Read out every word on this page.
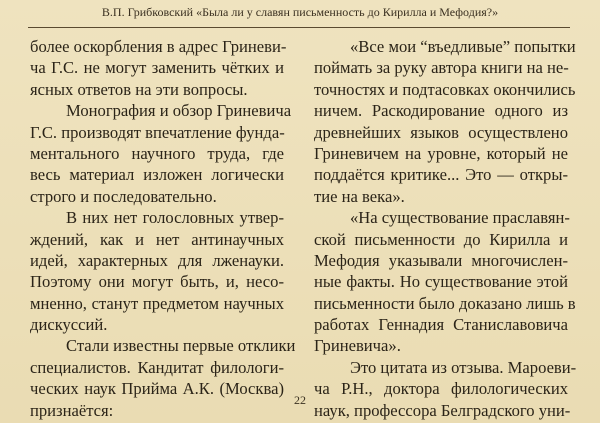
В.П. Грибковский «Была ли у славян письменность до Кирилла и Мефодия?»
более оскорбления в адрес Гриневи-
ча Г.С. не могут заменить чётких и
ясных ответов на эти вопросы.
Монография и обзор Гриневича
Г.С. производят впечатление фунда-
ментального научного труда, где
весь материал изложен логически
строго и последовательно.
В них нет голословных утвер-
ждений, как и нет антинаучных
идей, характерных для лженауки.
Поэтому они могут быть, и, несо-
мненно, станут предметом научных
дискуссий.
Стали известны первые отклики
специалистов. Кандитат филологи-
ческих наук Прийма А.К. (Москва)
признаётся:
«Все мои “въедливые” попытки
поймать за руку автора книги на не-
точностях и подтасовках окончились
ничем. Раскодирование одного из
древнейших языков осуществлено
Гриневичем на уровне, который не
поддаётся критике... Это — откры-
тие на века».
«На существование праславян-
ской письменности до Кирилла и
Мефодия указывали многочислен-
ные факты. Но существование этой
письменности было доказано лишь в
работах Геннадия Станиславовича
Гриневича».
Это цитата из отзыва. Мароеви-
ча Р.Н., доктора филологических
наук, профессора Белградского уни-
22
